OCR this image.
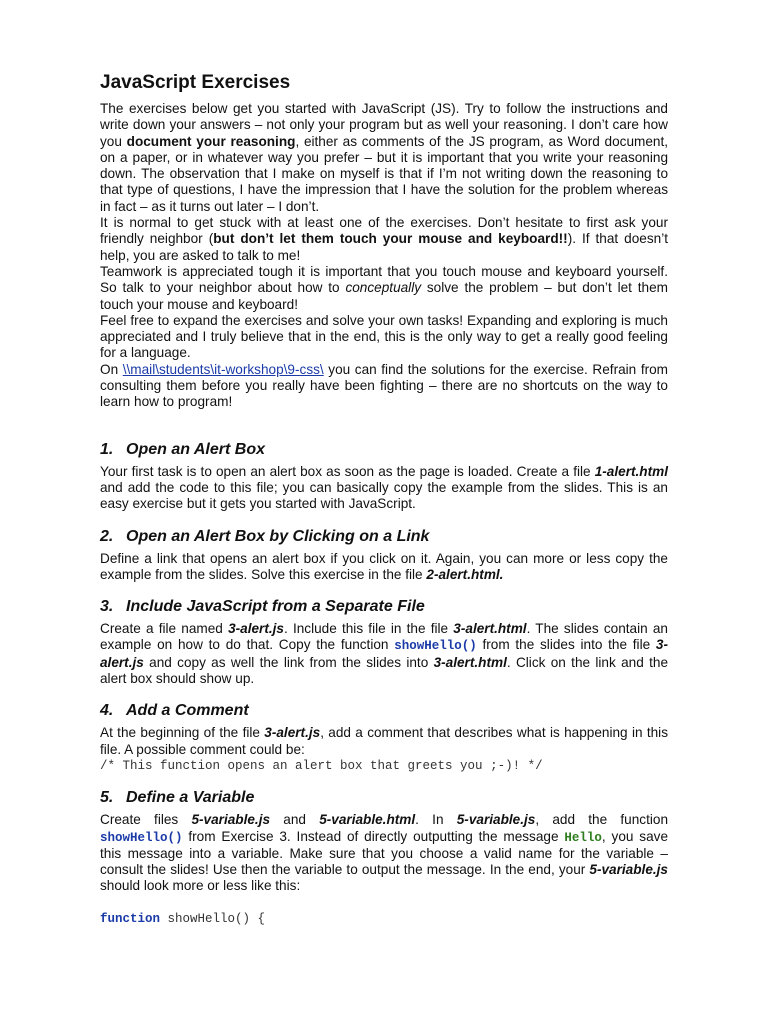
JavaScript Exercises

The exercises below get you started with JavaScript (JS). Try to follow the instructions and write down your answers – not only your program but as well your reasoning. I don’t care how you document your reasoning, either as comments of the JS program, as Word document, on a paper, or in whatever way you prefer – but it is important that you write your reasoning down. The observation that I make on myself is that if I’m not writing down the reasoning to that type of questions, I have the impression that I have the solution for the problem whereas in fact – as it turns out later – I don’t.

It is normal to get stuck with at least one of the exercises. Don’t hesitate to first ask your friendly neighbor (but don’t let them touch your mouse and keyboard!!). If that doesn’t help, you are asked to talk to me!

Teamwork is appreciated tough it is important that you touch mouse and keyboard yourself. So talk to your neighbor about how to conceptually solve the problem – but don’t let them touch your mouse and keyboard!

Feel free to expand the exercises and solve your own tasks! Expanding and exploring is much appreciated and I truly believe that in the end, this is the only way to get a really good feeling for a language.

On \\mail\students\it-workshop\9-css\ you can find the solutions for the exercise. Refrain from consulting them before you really have been fighting – there are no shortcuts on the way to learn how to program!

1. Open an Alert Box

Your first task is to open an alert box as soon as the page is loaded. Create a file 1-alert.html and add the code to this file; you can basically copy the example from the slides. This is an easy exercise but it gets you started with JavaScript.

2. Open an Alert Box by Clicking on a Link

Define a link that opens an alert box if you click on it. Again, you can more or less copy the example from the slides. Solve this exercise in the file 2-alert.html.

3. Include JavaScript from a Separate File

Create a file named 3-alert.js. Include this file in the file 3-alert.html. The slides contain an example on how to do that. Copy the function showHello() from the slides into the file 3-alert.js and copy as well the link from the slides into 3-alert.html. Click on the link and the alert box should show up.

4. Add a Comment

At the beginning of the file 3-alert.js, add a comment that describes what is happening in this file. A possible comment could be:

/* This function opens an alert box that greets you ;-)! */
5. Define a Variable

Create files 5-variable.js and 5-variable.html. In 5-variable.js, add the function showHello() from Exercise 3. Instead of directly outputting the message Hello, you save this message into a variable. Make sure that you choose a valid name for the variable – consult the slides! Use then the variable to output the message. In the end, your 5-variable.js should look more or less like this:

function showHello() {
